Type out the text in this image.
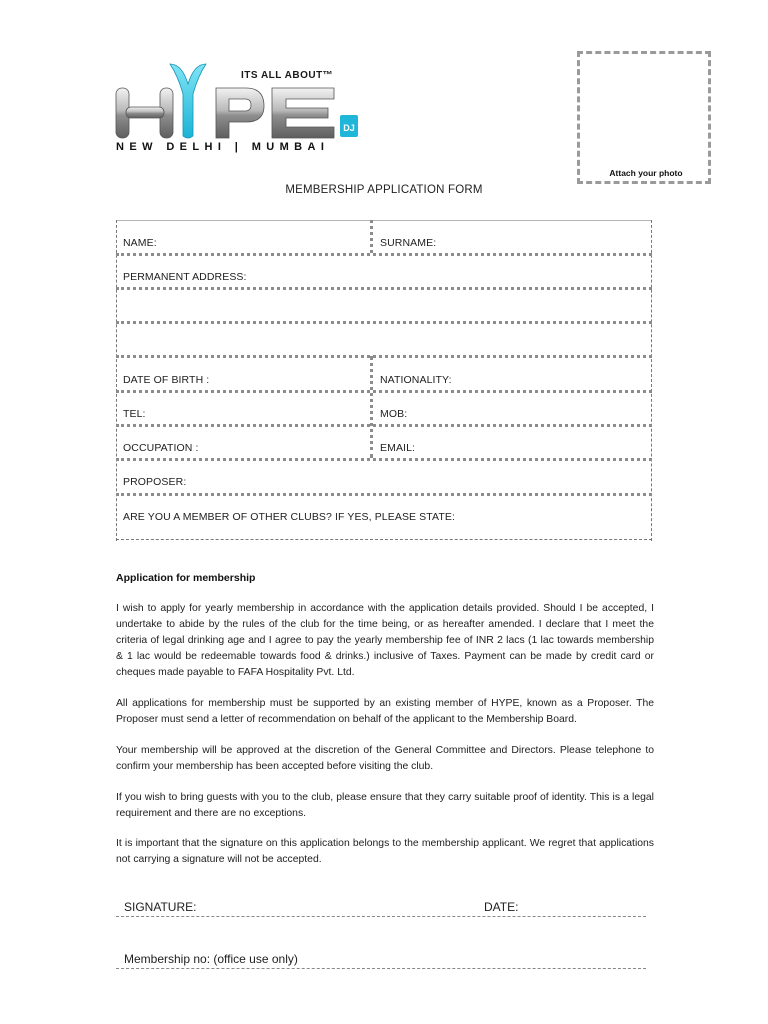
DJ
ITS ALL ABOUT™
NEW DELHI | MUMBAI
Attach your photo
MEMBERSHIP APPLICATION FORM
NAME:	SURNAME:
PERMANENT ADDRESS:
DATE OF BIRTH :	NATIONALITY:
TEL:	MOB:
OCCUPATION :	EMAIL:
PROPOSER:
ARE YOU A MEMBER OF OTHER CLUBS? IF YES, PLEASE STATE:
Application for membership
I wish to apply for yearly membership in accordance with the application details provided. Should I be accepted, I undertake to abide by the rules of the club for the time being, or as hereafter amended. I declare that I meet the criteria of legal drinking age and I agree to pay the yearly membership fee of INR 2 lacs (1 lac towards membership & 1 lac would be redeemable towards food & drinks.) inclusive of Taxes. Payment can be made by credit card or cheques made payable to FAFA Hospitality Pvt. Ltd.
All applications for membership must be supported by an existing member of HYPE, known as a Proposer. The Proposer must send a letter of recommendation on behalf of the applicant to the Membership Board.
Your membership will be approved at the discretion of the General Committee and Directors. Please telephone to confirm your membership has been accepted before visiting the club.
If you wish to bring guests with you to the club, please ensure that they carry suitable proof of identity. This is a legal requirement and there are no exceptions.
It is important that the signature on this application belongs to the membership applicant. We regret that applications not carrying a signature will not be accepted.
SIGNATURE:	DATE:
Membership no: (office use only)
